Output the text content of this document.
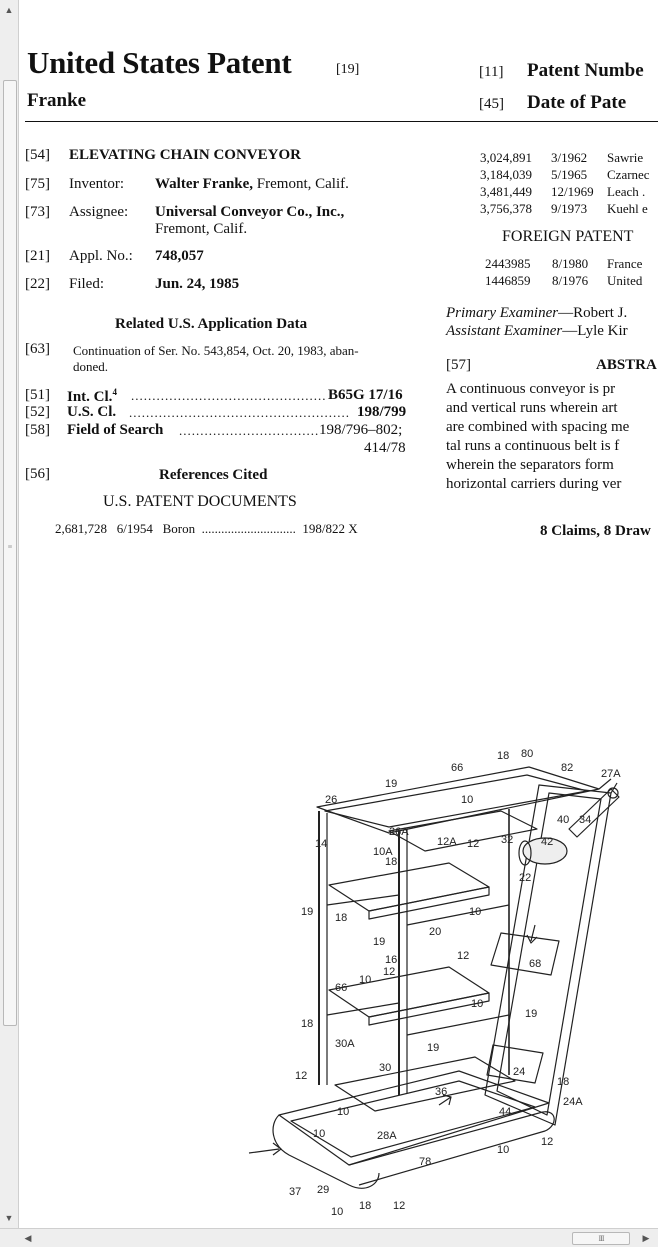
▲
≡
▼
◀	III	▶
United States Patent	[19]
Franke
[11] Patent Numbe
[45] Date of Pate
[54] ELEVATING CHAIN CONVEYOR
[75] Inventor: Walter Franke, Fremont, Calif.
[73] Assignee: Universal Conveyor Co., Inc.,
Fremont, Calif.
[21] Appl. No.: 748,057
[22] Filed:	Jun. 24, 1985
Related U.S. Application Data
[63] Continuation of Ser. No. 543,854, Oct. 20, 1983, aban-
doned.
[51] Int. Cl.$^4$ .............................................. B65G 17/16
[52] U.S. Cl. .................................................... 198/799
[58] Field of Search ................................. 198/796–802;
414/78
[56]	References Cited
U.S. PATENT DOCUMENTS
2,681,728 6/1954 Boron ............................. 198/822 X
FOREIGN PATENT
Primary Examiner—Robert J.
Assistant Examiner—Lyle Kir
[57]	ABSTRA
8 Claims, 8 Draw
18 80
82	27A
66
19
10
26
40 34
26A
42
12A 12 32
14
10A
18
22
10
19 18
20
19
16	12
68
66
10
12
10
19
18
30A	19
30	24
12
36
18
10	44
24A
28A	12
10
78
10
37 29
10 18 12
3,024,891 3/1962 Sawrie
3,184,039 5/1965 Czarnec
3,481,449 12/1969 Leach .
3,756,378 9/1973 Kuehl e
2443985 8/1980 France
1446859 8/1976 United
A continuous conveyor is pr
and vertical runs wherein art
are combined with spacing me
tal runs a continuous belt is f
wherein the separators form
horizontal carriers during ver
